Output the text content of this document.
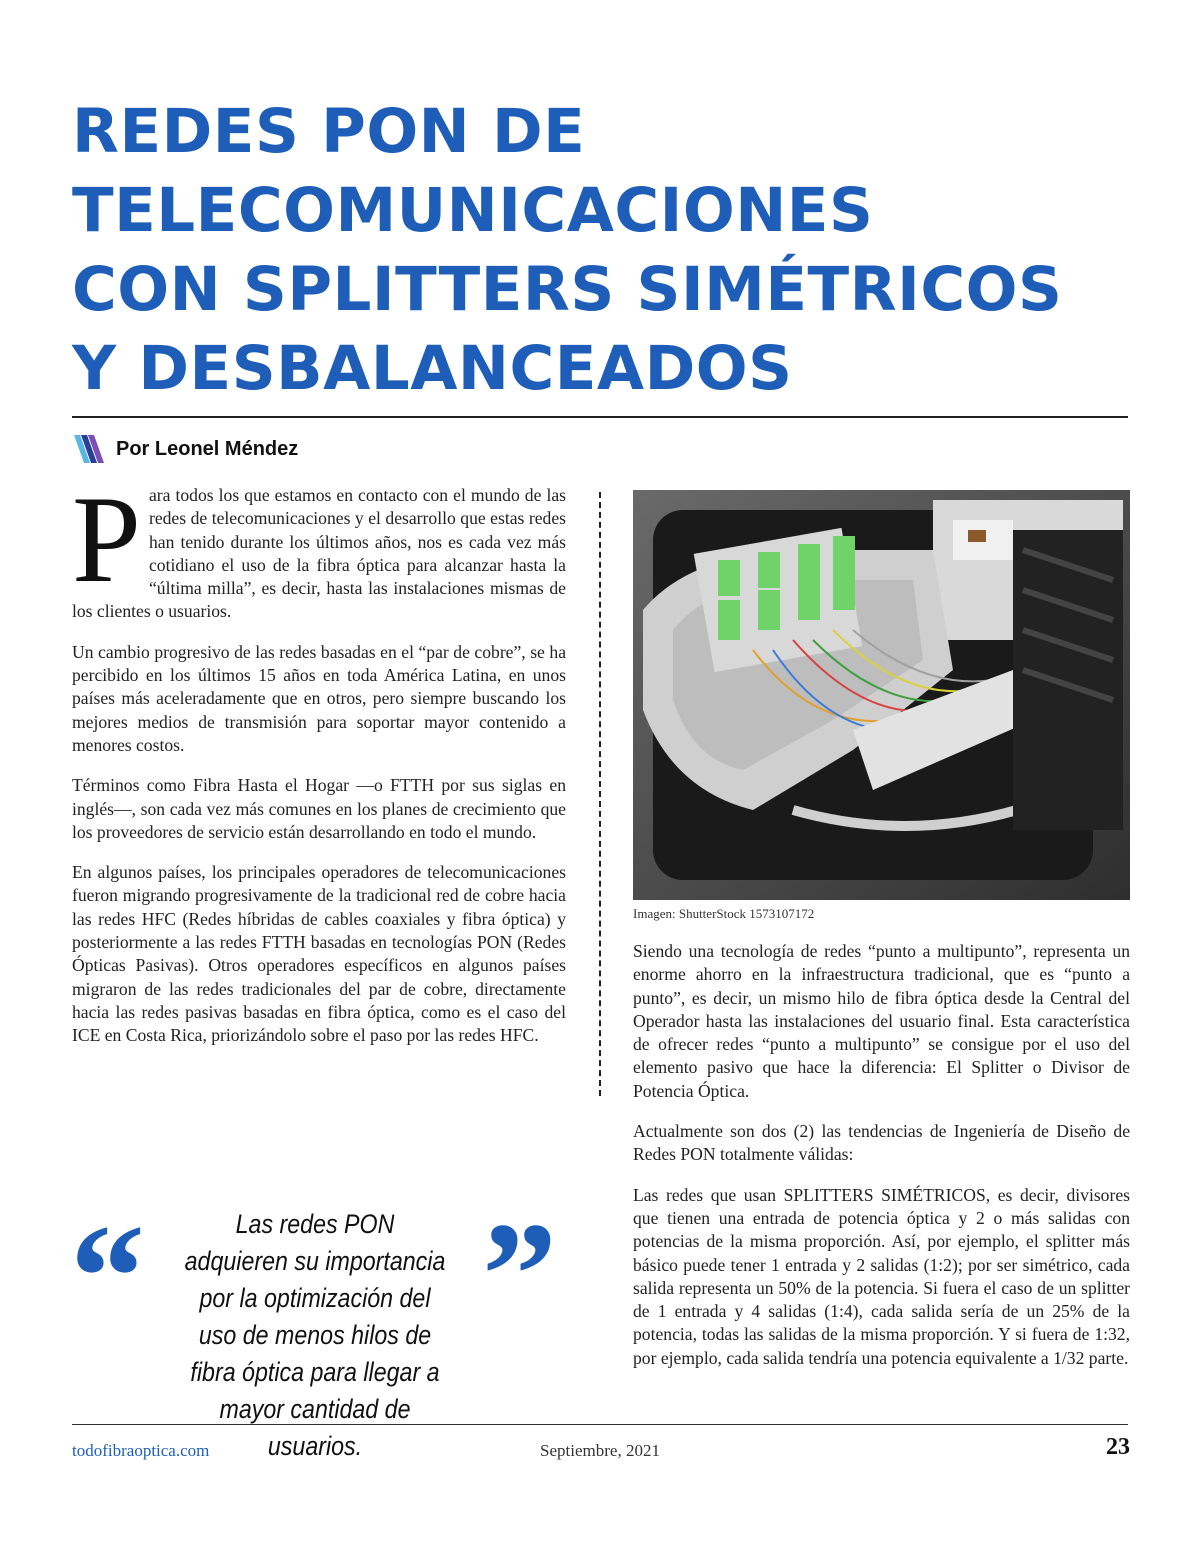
REDES PON DE
TELECOMUNICACIONES
CON SPLITTERS SIMÉTRICOS
Y DESBALANCEADOS
Por Leonel Méndez

Para todos los que estamos en contacto con el mundo de las redes de telecomunicaciones y el desarrollo que estas redes han tenido durante los últimos años, nos es cada vez más cotidiano el uso de la fibra óptica para alcanzar hasta la “última milla”, es decir, hasta las instalaciones mismas de los clientes o usuarios.

Un cambio progresivo de las redes basadas en el “par de cobre”, se ha percibido en los últimos 15 años en toda América Latina, en unos países más aceleradamente que en otros, pero siempre buscando los mejores medios de transmisión para soportar mayor contenido a menores costos.

Términos como Fibra Hasta el Hogar —o FTTH por sus siglas en inglés—, son cada vez más comunes en los planes de crecimiento que los proveedores de servicio están desarrollando en todo el mundo.

En algunos países, los principales operadores de telecomunicaciones fueron migrando progresivamente de la tradicional red de cobre hacia las redes HFC (Redes híbridas de cables coaxiales y fibra óptica) y posteriormente a las redes FTTH basadas en tecnologías PON (Redes Ópticas Pasivas). Otros operadores específicos en algunos países migraron de las redes tradicionales del par de cobre, directamente hacia las redes pasivas basadas en fibra óptica, como es el caso del ICE en Costa Rica, priorizándolo sobre el paso por las redes HFC.

“	Las redes PON adquieren su importancia por la optimización del uso de menos hilos de fibra óptica para llegar a mayor cantidad de usuarios.
”
Imagen: ShutterStock 1573107172

Siendo una tecnología de redes “punto a multipunto”, representa un enorme ahorro en la infraestructura tradicional, que es “punto a punto”, es decir, un mismo hilo de fibra óptica desde la Central del Operador hasta las instalaciones del usuario final. Esta característica de ofrecer redes “punto a multipunto” se consigue por el uso del elemento pasivo que hace la diferencia: El Splitter o Divisor de Potencia Óptica.

Actualmente son dos (2) las tendencias de Ingeniería de Diseño de Redes PON totalmente válidas:

Las redes que usan SPLITTERS SIMÉTRICOS, es decir, divisores que tienen una entrada de potencia óptica y 2 o más salidas con potencias de la misma proporción. Así, por ejemplo, el splitter más básico puede tener 1 entrada y 2 salidas (1:2); por ser simétrico, cada salida representa un 50% de la potencia. Si fuera el caso de un splitter de 1 entrada y 4 salidas (1:4), cada salida sería de un 25% de la potencia, todas las salidas de la misma proporción. Y si fuera de 1:32, por ejemplo, cada salida tendría una potencia equivalente a 1/32 parte.

todofibraoptica.com	Septiembre, 2021	23
